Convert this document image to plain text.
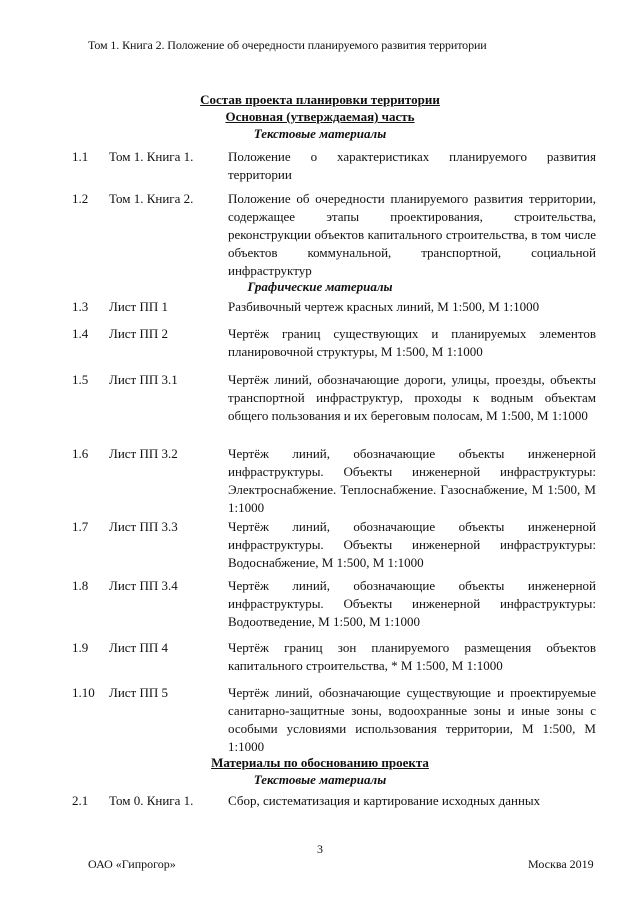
Том 1. Книга 2. Положение об очередности планируемого развития территории
Состав проекта планировки территории
Основная (утверждаемая) часть
Текстовые материалы
1.1 Том 1. Книга 1.	Положение о характеристиках планируемого развития территории
1.2 Том 1. Книга 2.	Положение об очередности планируемого развития территории, содержащее этапы проектирования, строительства, реконструкции объектов капитального строительства, в том числе объектов коммунальной, транспортной, социальной инфраструктур
Графические материалы
1.3 Лист ПП 1	Разбивочный чертеж красных линий, М 1:500, М 1:1000
1.4 Лист ПП 2	Чертёж границ существующих и планируемых элементов планировочной структуры, М 1:500, М 1:1000
1.5 Лист ПП 3.1	Чертёж линий, обозначающие дороги, улицы, проезды, объекты транспортной инфраструктур, проходы к водным объектам общего пользования и их береговым полосам, М 1:500, М 1:1000
1.6 Лист ПП 3.2	Чертёж линий, обозначающие объекты инженерной инфраструктуры. Объекты инженерной инфраструктуры: Электроснабжение. Теплоснабжение. Газоснабжение, М 1:500, М 1:1000
1.7 Лист ПП 3.3	Чертёж линий, обозначающие объекты инженерной инфраструктуры. Объекты инженерной инфраструктуры: Водоснабжение, М 1:500, М 1:1000
1.8 Лист ПП 3.4	Чертёж линий, обозначающие объекты инженерной инфраструктуры. Объекты инженерной инфраструктуры: Водоотведение, М 1:500, М 1:1000
1.9 Лист ПП 4	Чертёж границ зон планируемого размещения объектов капитального строительства, * М 1:500, М 1:1000
1.10 Лист ПП 5	Чертёж линий, обозначающие существующие и проектируемые санитарно-защитные зоны, водоохранные зоны и иные зоны с особыми условиями использования территории, М 1:500, М 1:1000
Материалы по обоснованию проекта
Текстовые материалы
2.1 Том 0. Книга 1.	Сбор, систематизация и картирование исходных данных
3
ОАО «Гипрогор»	Москва 2019
